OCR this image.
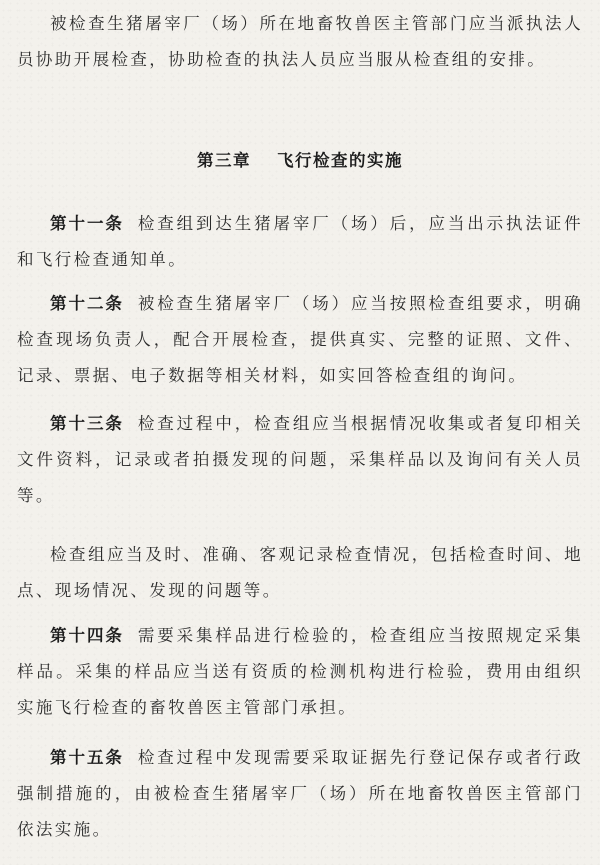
被检查生猪屠宰厂（场）所在地畜牧兽医主管部门应当派执法人员协助开展检查，协助检查的执法人员应当服从检查组的安排。

第三章 飞行检查的实施

第十一条 检查组到达生猪屠宰厂（场）后，应当出示执法证件和飞行检查通知单。

第十二条 被检查生猪屠宰厂（场）应当按照检查组要求，明确检查现场负责人，配合开展检查，提供真实、完整的证照、文件、记录、票据、电子数据等相关材料，如实回答检查组的询问。

第十三条 检查过程中，检查组应当根据情况收集或者复印相关文件资料，记录或者拍摄发现的问题，采集样品以及询问有关人员等。

检查组应当及时、准确、客观记录检查情况，包括检查时间、地点、现场情况、发现的问题等。

第十四条 需要采集样品进行检验的，检查组应当按照规定采集样品。采集的样品应当送有资质的检测机构进行检验，费用由组织实施飞行检查的畜牧兽医主管部门承担。

第十五条 检查过程中发现需要采取证据先行登记保存或者行政强制措施的，由被检查生猪屠宰厂（场）所在地畜牧兽医主管部门依法实施。
